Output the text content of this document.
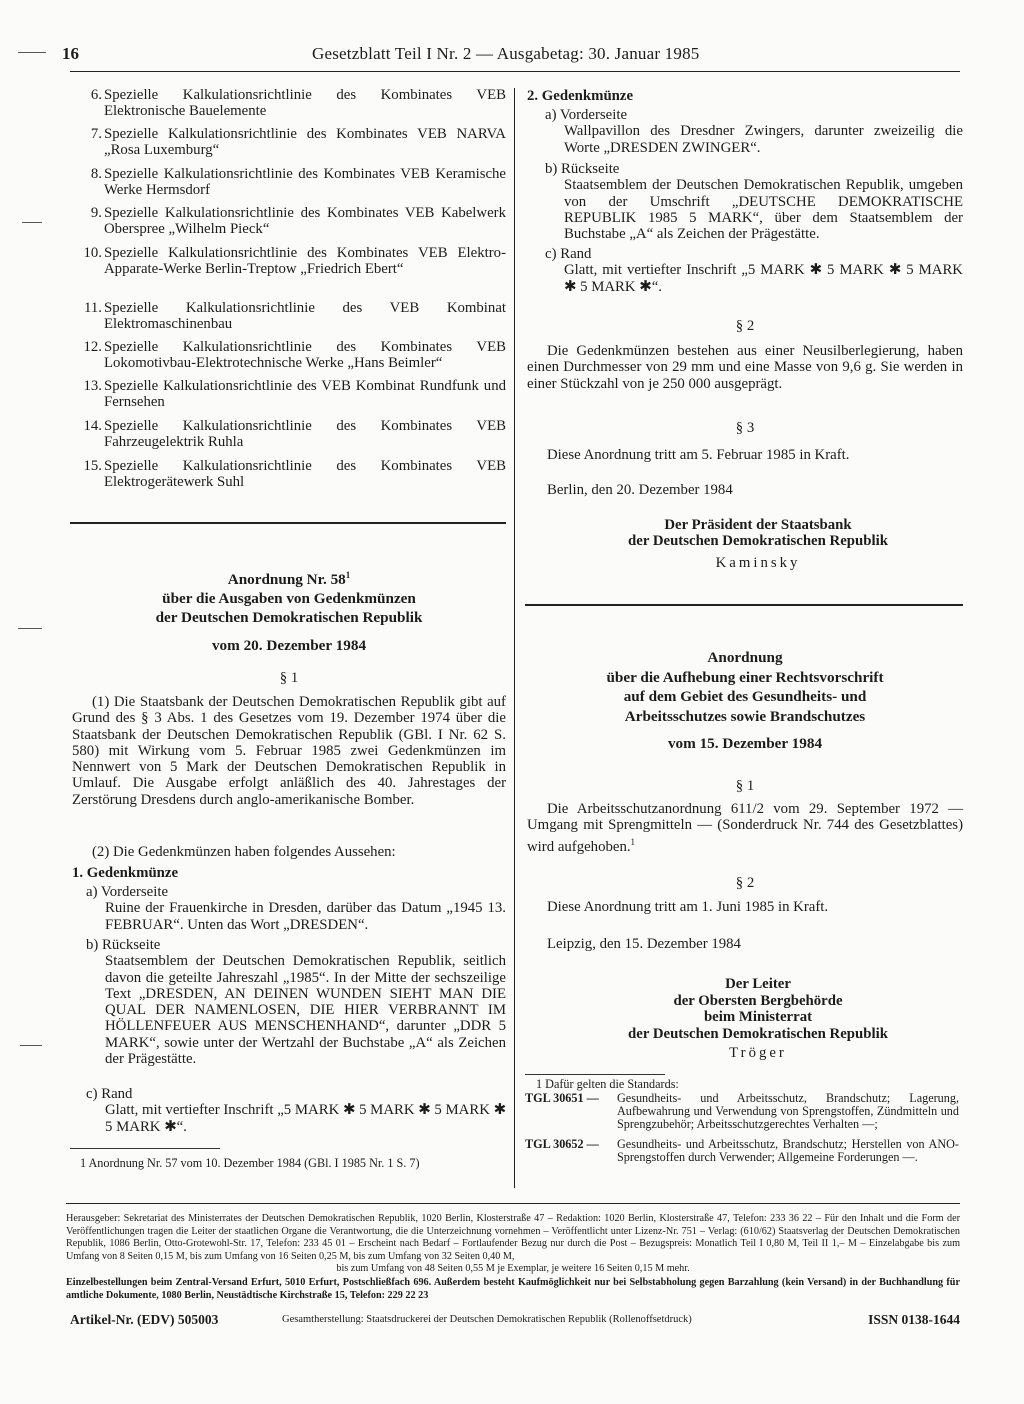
16	Gesetzblatt Teil I Nr. 2 — Ausgabetag: 30. Januar 1985
6. Spezielle Kalkulationsrichtlinie des Kombinates VEB Elektronische Bauelemente
7. Spezielle Kalkulationsrichtlinie des Kombinates VEB NARVA „Rosa Luxemburg“
8. Spezielle Kalkulationsrichtlinie des Kombinates VEB Keramische Werke Hermsdorf
9. Spezielle Kalkulationsrichtlinie des Kombinates VEB Kabelwerk Oberspree „Wilhelm Pieck“
10. Spezielle Kalkulationsrichtlinie des Kombinates VEB Elektro-Apparate-Werke Berlin-Treptow „Friedrich Ebert“
11. Spezielle Kalkulationsrichtlinie des VEB Kombinat Elektromaschinenbau
12. Spezielle Kalkulationsrichtlinie des Kombinates VEB Lokomotivbau-Elektrotechnische Werke „Hans Beimler“
13. Spezielle Kalkulationsrichtlinie des VEB Kombinat Rundfunk und Fernsehen
14. Spezielle Kalkulationsrichtlinie des Kombinates VEB Fahrzeugelektrik Ruhla
15. Spezielle Kalkulationsrichtlinie des Kombinates VEB Elektrogerätewerk Suhl
Anordnung Nr. $58^1$
über die Ausgaben von Gedenkmünzen
der Deutschen Demokratischen Republik
vom 20. Dezember 1984
§ 1
(1) Die Staatsbank der Deutschen Demokratischen Republik gibt auf Grund des § 3 Abs. 1 des Gesetzes vom 19. Dezember 1974 über die Staatsbank der Deutschen Demokratischen Republik (GBl. I Nr. 62 S. 580) mit Wirkung vom 5. Februar 1985 zwei Gedenkmünzen im Nennwert von 5 Mark der Deutschen Demokratischen Republik in Umlauf. Die Ausgabe erfolgt anläßlich des 40. Jahrestages der Zerstörung Dresdens durch anglo-amerikanische Bomber.
(2) Die Gedenkmünzen haben folgendes Aussehen:
1. Gedenkmünze
a) Vorderseite
Ruine der Frauenkirche in Dresden, darüber das Datum „1945 13. FEBRUAR“. Unten das Wort „DRESDEN“.
b) Rückseite
Staatsemblem der Deutschen Demokratischen Republik, seitlich davon die geteilte Jahreszahl „1985“. In der Mitte der sechszeilige Text „DRESDEN, AN DEINEN WUNDEN SIEHT MAN DIE QUAL DER NAMENLOSEN, DIE HIER VERBRANNT IM HÖLLENFEUER AUS MENSCHENHAND“, darunter „DDR 5 MARK“, sowie unter der Wertzahl der Buchstabe „A“ als Zeichen der Prägestätte.
c) Rand
Glatt, mit vertiefter Inschrift „5 MARK ✱ 5 MARK ✱ 5 MARK ✱ 5 MARK ✱“.
1 Anordnung Nr. 57 vom 10. Dezember 1984 (GBl. I 1985 Nr. 1 S. 7)
2. Gedenkmünze
a) Vorderseite
Wallpavillon des Dresdner Zwingers, darunter zweizeilig die Worte „DRESDEN ZWINGER“.
b) Rückseite
Staatsemblem der Deutschen Demokratischen Republik, umgeben von der Umschrift „DEUTSCHE DEMOKRATISCHE REPUBLIK 1985 5 MARK“, über dem Staatsemblem der Buchstabe „A“ als Zeichen der Prägestätte.
c) Rand
Glatt, mit vertiefter Inschrift „5 MARK ✱ 5 MARK ✱ 5 MARK ✱ 5 MARK ✱“.
§ 2
Die Gedenkmünzen bestehen aus einer Neusilberlegierung, haben einen Durchmesser von 29 mm und eine Masse von 9,6 g. Sie werden in einer Stückzahl von je 250 000 ausgeprägt.
§ 3
Diese Anordnung tritt am 5. Februar 1985 in Kraft.
Berlin, den 20. Dezember 1984
Der Präsident der Staatsbank
der Deutschen Demokratischen Republik
Kaminsky
Anordnung
über die Aufhebung einer Rechtsvorschrift
auf dem Gebiet des Gesundheits- und
Arbeitsschutzes sowie Brandschutzes
vom 15. Dezember 1984
§ 1
Die Arbeitsschutzanordnung 611/2 vom 29. September 1972 — Umgang mit Sprengmitteln — (Sonderdruck Nr. 744 des Gesetzblattes) wird aufgehoben.$^1$
§ 2
Diese Anordnung tritt am 1. Juni 1985 in Kraft.
Leipzig, den 15. Dezember 1984
Der Leiter
der Obersten Bergbehörde
beim Ministerrat
der Deutschen Demokratischen Republik
Tröger
1 Dafür gelten die Standards:
TGL 30651 —	Gesundheits- und Arbeitsschutz, Brandschutz; Lagerung, Aufbewahrung und Verwendung von Sprengstoffen, Zündmitteln und Sprengzubehör; Arbeitsschutzgerechtes Verhalten —;
TGL 30652 —	Gesundheits- und Arbeitsschutz, Brandschutz; Herstellen von ANO-Sprengstoffen durch Verwender; Allgemeine Forderungen —.
Herausgeber: Sekretariat des Ministerrates der Deutschen Demokratischen Republik, 1020 Berlin, Klosterstraße 47 – Redaktion: 1020 Berlin, Klosterstraße 47, Telefon: 233 36 22 – Für den Inhalt und die Form der Veröffentlichungen tragen die Leiter der staatlichen Organe die Verantwortung, die die Unterzeichnung vornehmen – Veröffentlicht unter Lizenz-Nr. 751 – Verlag: (610/62) Staatsverlag der Deutschen Demokratischen Republik, 1086 Berlin, Otto-Grotewohl-Str. 17, Telefon: 233 45 01 – Erscheint nach Bedarf – Fortlaufender Bezug nur durch die Post – Bezugspreis: Monatlich Teil I 0,80 M, Teil II 1,– M – Einzelabgabe bis zum Umfang von 8 Seiten 0,15 M, bis zum Umfang von 16 Seiten 0,25 M, bis zum Umfang von 32 Seiten 0,40 M,
bis zum Umfang von 48 Seiten 0,55 M je Exemplar, je weitere 16 Seiten 0,15 M mehr.
Einzelbestellungen beim Zentral-Versand Erfurt, 5010 Erfurt, Postschließfach 696. Außerdem besteht Kaufmöglichkeit nur bei Selbstabholung gegen Barzahlung (kein Versand) in der Buchhandlung für amtliche Dokumente, 1080 Berlin, Neustädtische Kirchstraße 15, Telefon: 229 22 23
Artikel-Nr. (EDV) 505003	Gesamtherstellung: Staatsdruckerei der Deutschen Demokratischen Republik (Rollenoffsetdruck)	ISSN 0138-1644
